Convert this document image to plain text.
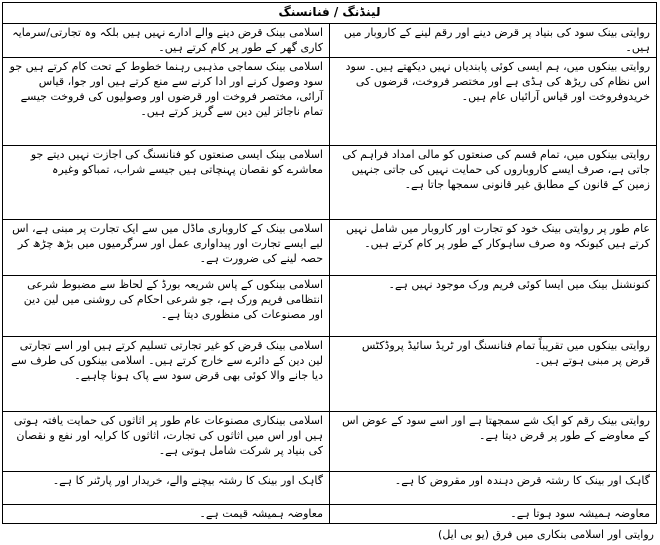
لینڈنگ / فنانسنگ	
اسلامی بینک قرض دینے والے ادارے نہیں ہیں بلکہ وہ تجارتی/سرمایہ کاری گھر کے طور پر کام کرتے ہیں۔	روایتی بینک سود کی بنیاد پر قرض دینے اور رقم لینے کے کاروبار میں ہیں۔
اسلامی بینک سماجی مذہبی رہنما خطوط کے تحت کام کرتے ہیں جو سود وصول کرنے اور ادا کرنے سے منع کرتے ہیں اور جوا، قیاس آرائی، مختصر فروخت اور قرضوں اور وصولیوں کی فروخت جیسے تمام ناجائز لین دین سے گریز کرتے ہیں۔	روایتی بینکوں میں، ہم ایسی کوئی پابندیاں نہیں دیکھتے ہیں۔ سود اس نظام کی ریڑھ کی ہڈی ہے اور مختصر فروخت، قرضوں کی خریدوفروخت اور قیاس آرائیاں عام ہیں۔
اسلامی بینک ایسی صنعتوں کو فنانسنگ کی اجازت نہیں دیتے جو معاشرے کو نقصان پہنچاتی ہیں جیسے شراب، تمباکو وغیرہ	روایتی بینکوں میں، تمام قسم کی صنعتوں کو مالی امداد فراہم کی جاتی ہے، صرف ایسے کاروباروں کی حمایت نہیں کی جاتی جنہیں زمین کے قانون کے مطابق غیر قانونی سمجھا جاتا ہے۔
اسلامی بینک کے کاروباری ماڈل میں سے ایک تجارت پر مبنی ہے، اس لیے ایسے تجارت اور پیداواری عمل اور سرگرمیوں میں بڑھ چڑھ کر حصہ لینے کی ضرورت ہے۔	عام طور پر روایتی بینک خود کو تجارت اور کاروبار میں شامل نہیں کرتے ہیں کیونکہ وہ صرف ساہوکار کے طور پر کام کرتے ہیں۔
اسلامی بینکوں کے پاس شریعہ بورڈ کے لحاظ سے مضبوط شرعی انتظامی فریم ورک ہے، جو شرعی احکام کی روشنی میں لین دین اور مصنوعات کی منظوری دیتا ہے۔	کنونشنل بینک میں ایسا کوئی فریم ورک موجود نہیں ہے۔
اسلامی بینک قرض کو غیر تجارتی تسلیم کرتے ہیں اور اسے تجارتی لین دین کے دائرے سے خارج کرتے ہیں۔ اسلامی بینکوں کی طرف سے دیا جانے والا کوئی بھی قرض سود سے پاک ہونا چاہیے۔	روایتی بینکوں میں تقریباً تمام فنانسنگ اور ٹریڈ سائیڈ پروڈکٹس قرض پر مبنی ہوتے ہیں۔
اسلامی بینکاری مصنوعات عام طور پر اثاثوں کی حمایت یافتہ ہوتی ہیں اور اس میں اثاثوں کی تجارت، اثاثوں کا کرایہ اور نفع و نقصان کی بنیاد پر شرکت شامل ہوتی ہے۔	روایتی بینک رقم کو ایک شے سمجھتا ہے اور اسے سود کے عوض اس کے معاوضے کے طور پر قرض دیتا ہے۔
گاہک اور بینک کا رشتہ بیچنے والے، خریدار اور پارٹنر کا ہے۔	گاہک اور بینک کا رشتہ قرض دہندہ اور مقروض کا ہے۔
معاوضہ ہمیشہ قیمت ہے۔	معاوضہ ہمیشہ سود ہوتا ہے۔
روایتی اور اسلامی بنکاری میں فرق (یو بی ایل)
